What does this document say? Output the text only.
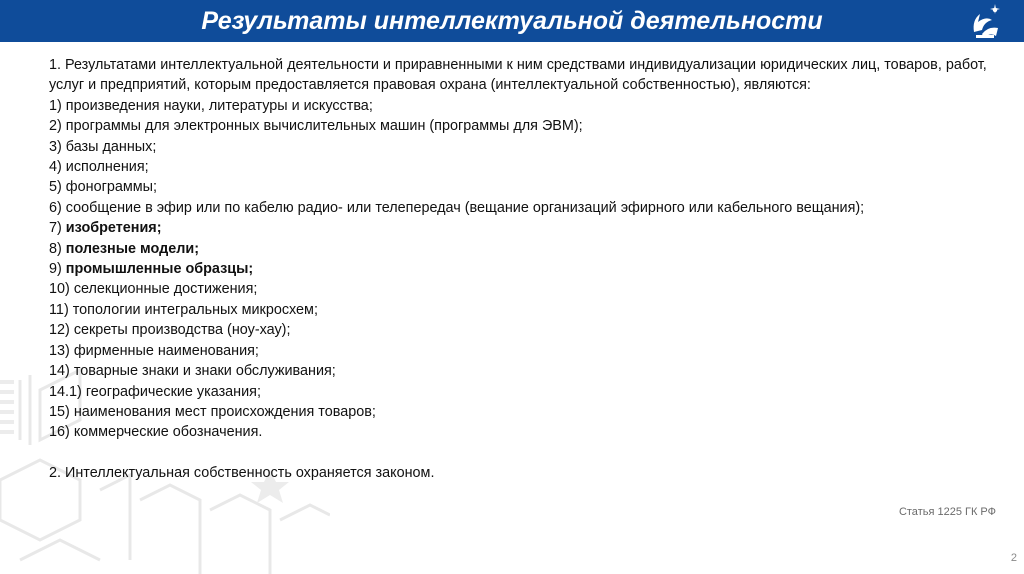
Результаты интеллектуальной деятельности

1. Результатами интеллектуальной деятельности и приравненными к ним средствами индивидуализации юридических лиц, товаров, работ, услуг и предприятий, которым предоставляется правовая охрана (интеллектуальной собственностью), являются:

1) произведения науки, литературы и искусства;
2) программы для электронных вычислительных машин (программы для ЭВМ);
3) базы данных;
4) исполнения;
5) фонограммы;
6) сообщение в эфир или по кабелю радио- или телепередач (вещание организаций эфирного или кабельного вещания);
7) изобретения;
8) полезные модели;
9) промышленные образцы;
10) селекционные достижения;
11) топологии интегральных микросхем;
12) секреты производства (ноу-хау);
13) фирменные наименования;
14) товарные знаки и знаки обслуживания;
14.1) географические указания;
15) наименования мест происхождения товаров;
16) коммерческие обозначения.

2. Интеллектуальная собственность охраняется законом.

Статья 1225 ГК РФ
2
